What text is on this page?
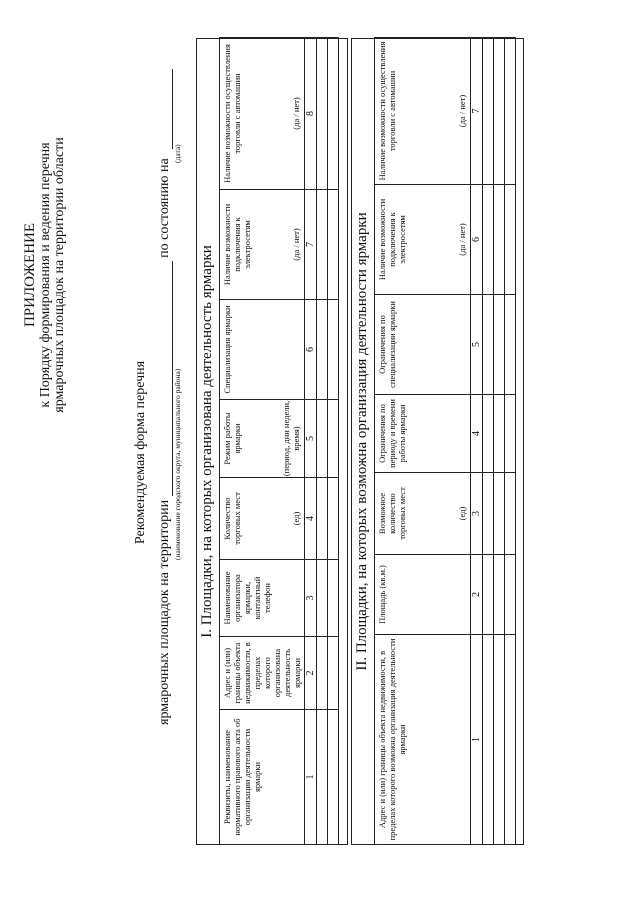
ПРИЛОЖЕНИЕ к Порядку формирования и ведения перечня ярмарочных площадок на территории области
Рекомендуемая форма перечня
ярмарочных площадок на территории  по состоянию на
(наименование городского округа, муниципального района)
(дата)
I. Площадки, на которых организована деятельность ярмарки
Реквизиты, наименование нормативного правового акта об организации деятельности ярмарки	Адрес и (или) границы объекта недвижимости, в пределах которого организована деятельность ярмарки	Наименование организатора ярмарки, контактный телефон	Количество торговых мест (ед)	Режим работы ярмарки (период, дни недели, время)	Специализация ярмарки	Наличие возможности подключения к электросетям (да / нет)	Наличие возможности осуществления торговли с автомашин (да / нет)

1	2	3	4	5	6	7	8

II. Площадки, на которых возможна организация деятельности ярмарки
Адрес и (или) границы объекта недвижимости, в пределах которого возможна организация деятельности ярмарки	Площадь (кв.м.)	Возможное количество торговых мест (ед)	Ограничения по периоду и времени работы ярмарки	Ограничения по специализации ярмарки	Наличие возможности подключения к электросетям (да / нет)	Наличие возможности осуществления торговли с автомашин (да / нет)

1	2	3	4	5	6	7
